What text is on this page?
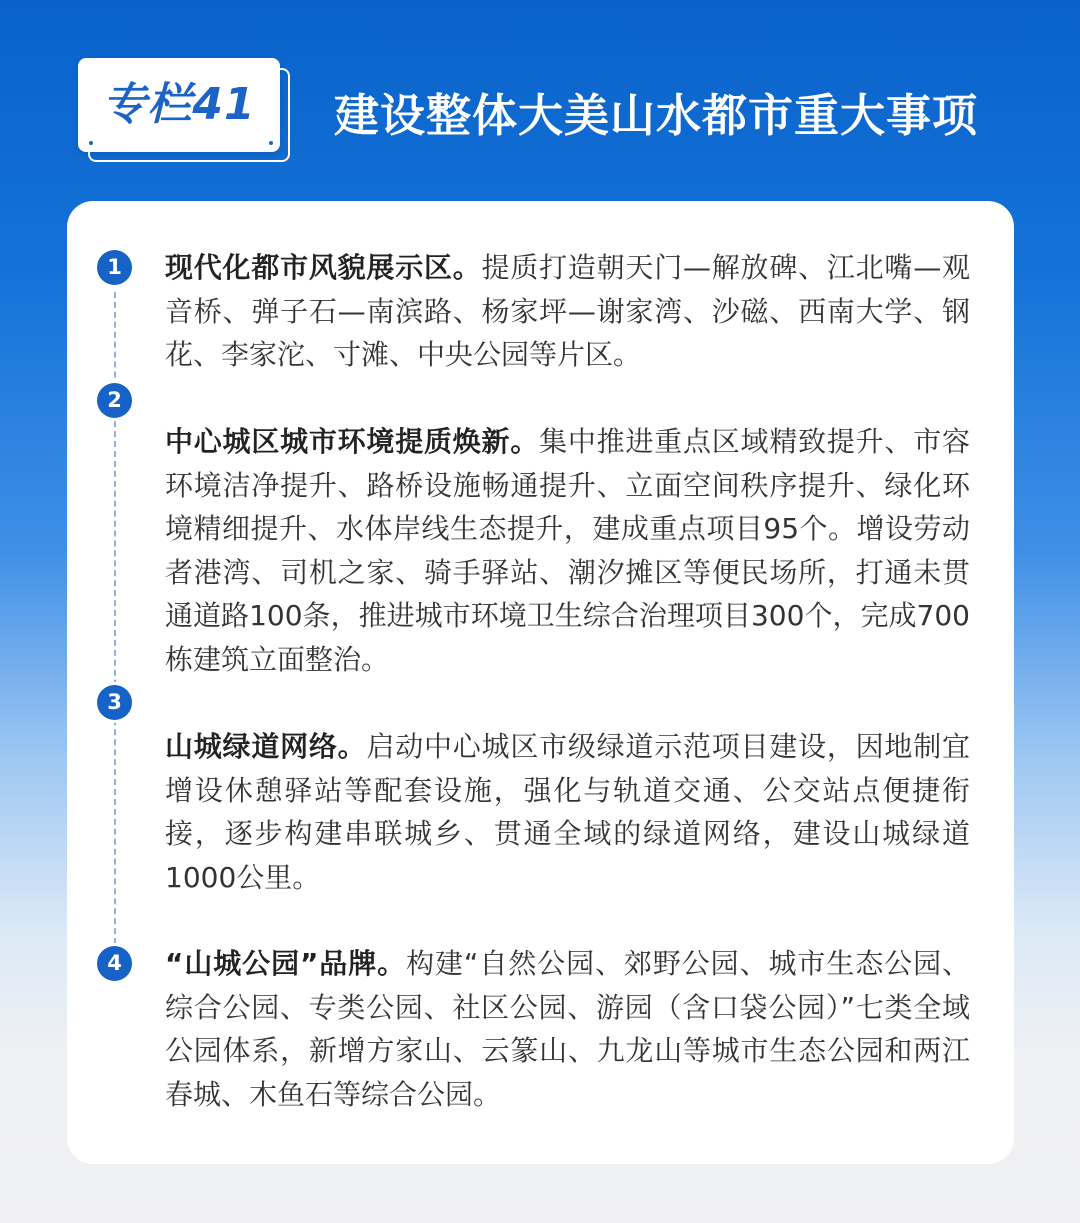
专栏41 建设整体大美山水都市重大事项
1	现代化都市风貌展示区。提质打造朝天门—解放碑、江北嘴—观音桥、弹子石—南滨路、杨家坪—谢家湾、沙磁、西南大学、钢花、李家沱、寸滩、中央公园等片区。
2
中心城区城市环境提质焕新。集中推进重点区域精致提升、市容环境洁净提升、路桥设施畅通提升、立面空间秩序提升、绿化环境精细提升、水体岸线生态提升，建成重点项目95个。增设劳动者港湾、司机之家、骑手驿站、潮汐摊区等便民场所，打通未贯通道路100条，推进城市环境卫生综合治理项目300个，完成700栋建筑立面整治。
3
山城绿道网络。启动中心城区市级绿道示范项目建设，因地制宜增设休憩驿站等配套设施，强化与轨道交通、公交站点便捷衔接，逐步构建串联城乡、贯通全域的绿道网络，建设山城绿道1000公里。
4	“山城公园”品牌。构建“自然公园、郊野公园、城市生态公园、综合公园、专类公园、社区公园、游园（含口袋公园）”七类全域公园体系，新增方家山、云篆山、九龙山等城市生态公园和两江春城、木鱼石等综合公园。
